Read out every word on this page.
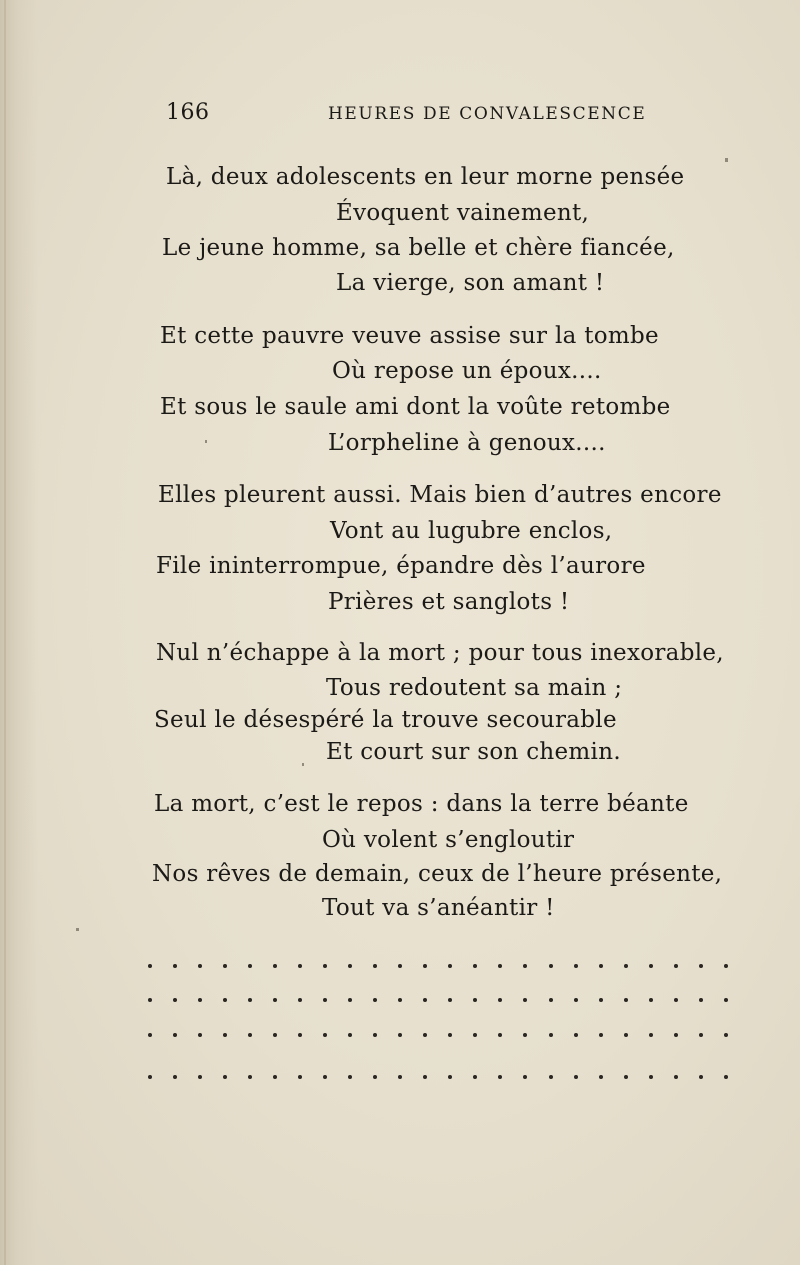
166	HEURES DE CONVALESCENCE
Là, deux adolescents en leur morne pensée
Évoquent vainement,
Le jeune homme, sa belle et chère fiancée,
La vierge, son amant !
Et cette pauvre veuve assise sur la tombe
Où repose un époux....
Et sous le saule ami dont la voûte retombe
L’orpheline à genoux....
Elles pleurent aussi. Mais bien d’autres encore
Vont au lugubre enclos,
File ininterrompue, épandre dès l’aurore
Prières et sanglots !
Nul n’échappe à la mort ; pour tous inexorable,
Tous redoutent sa main ;
Seul le désespéré la trouve secourable
Et court sur son chemin.
La mort, c’est le repos : dans la terre béante
Où volent s’engloutir
Nos rêves de demain, ceux de l’heure présente,
Tout va s’anéantir !
